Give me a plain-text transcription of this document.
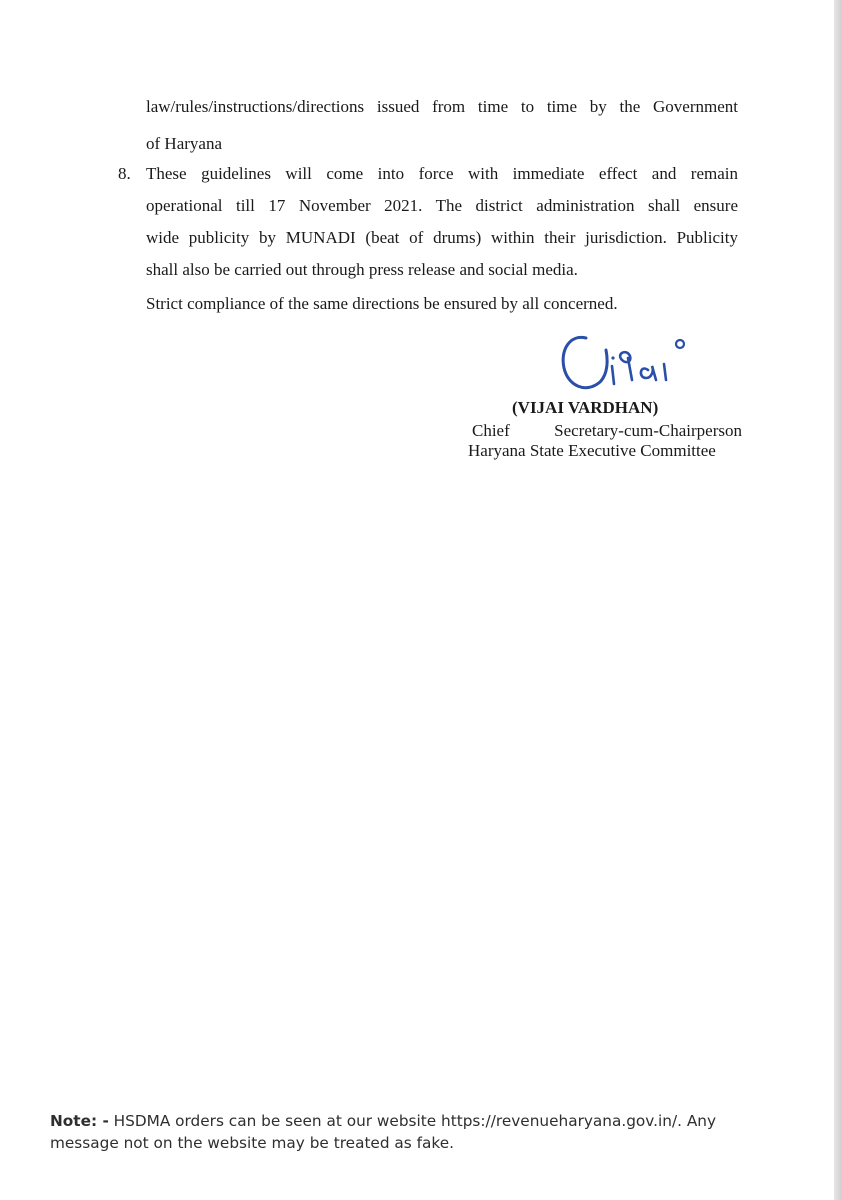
law/rules/instructions/directions issued from time to time by the Government
of Haryana
8. These guidelines will come into force with immediate effect and remain
operational till 17 November 2021. The district administration shall ensure
wide publicity by MUNADI (beat of drums) within their jurisdiction. Publicity
shall also be carried out through press release and social media.
Strict compliance of the same directions be ensured by all concerned.
(VIJAI VARDHAN)
Chief Secretary-cum-Chairperson
Haryana State Executive Committee
Note: - HSDMA orders can be seen at our website https://revenueharyana.gov.in/. Any message not on the website may be treated as fake.
